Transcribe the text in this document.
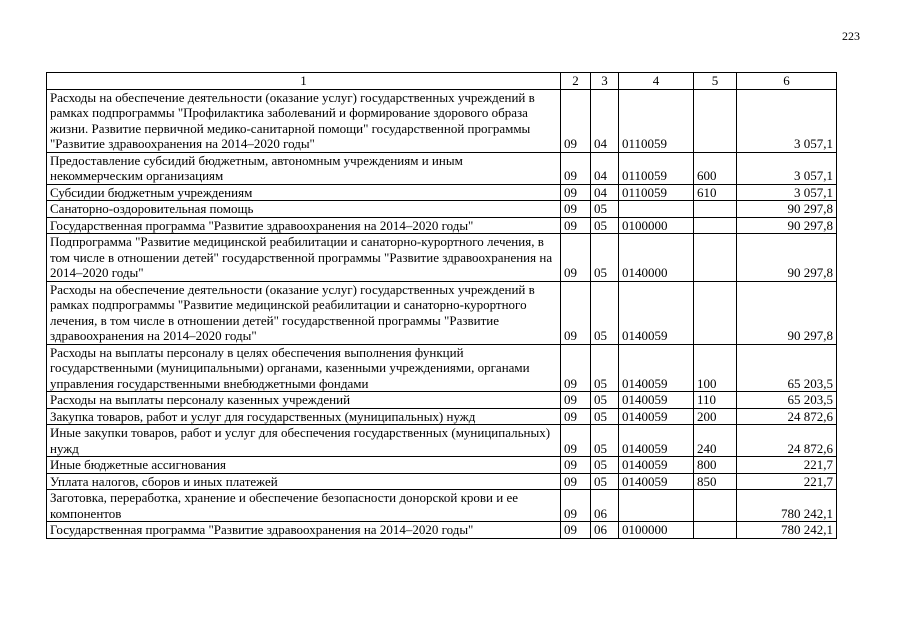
223
1	2	3	4	5	6
Расходы на обеспечение деятельности (оказание услуг) государственных учреждений в рамках подпрограммы "Профилактика заболеваний и формирование здорового образа жизни. Развитие первичной медико-санитарной помощи" государственной программы "Развитие здравоохранения на 2014–2020 годы"	09	04	0110059		3 057,1
Предоставление субсидий бюджетным, автономным учреждениям и иным некоммерческим организациям	09	04	0110059	600	3 057,1
Субсидии бюджетным учреждениям	09	04	0110059	610	3 057,1
Санаторно-оздоровительная помощь	09	05			90 297,8
Государственная программа "Развитие здравоохранения на 2014–2020 годы"	09	05	0100000		90 297,8
Подпрограмма "Развитие медицинской реабилитации и санаторно-курортного лечения, в том числе в отношении детей" государственной программы "Развитие здравоохранения на 2014–2020 годы"	09	05	0140000		90 297,8
Расходы на обеспечение деятельности (оказание услуг) государственных учреждений в рамках подпрограммы "Развитие медицинской реабилитации и санаторно-курортного лечения, в том числе в отношении детей" государственной программы "Развитие здравоохранения на 2014–2020 годы"	09	05	0140059		90 297,8
Расходы на выплаты персоналу в целях обеспечения выполнения функций государственными (муниципальными) органами, казенными учреждениями, органами управления государственными внебюджетными фондами	09	05	0140059	100	65 203,5
Расходы на выплаты персоналу казенных учреждений	09	05	0140059	110	65 203,5
Закупка товаров, работ и услуг для государственных (муниципальных) нужд	09	05	0140059	200	24 872,6
Иные закупки товаров, работ и услуг для обеспечения государственных (муниципальных) нужд	09	05	0140059	240	24 872,6
Иные бюджетные ассигнования	09	05	0140059	800	221,7
Уплата налогов, сборов и иных платежей	09	05	0140059	850	221,7
Заготовка, переработка, хранение и обеспечение безопасности донорской крови и ее компонентов	09	06			780 242,1
Государственная программа "Развитие здравоохранения на 2014–2020 годы"	09	06	0100000		780 242,1
